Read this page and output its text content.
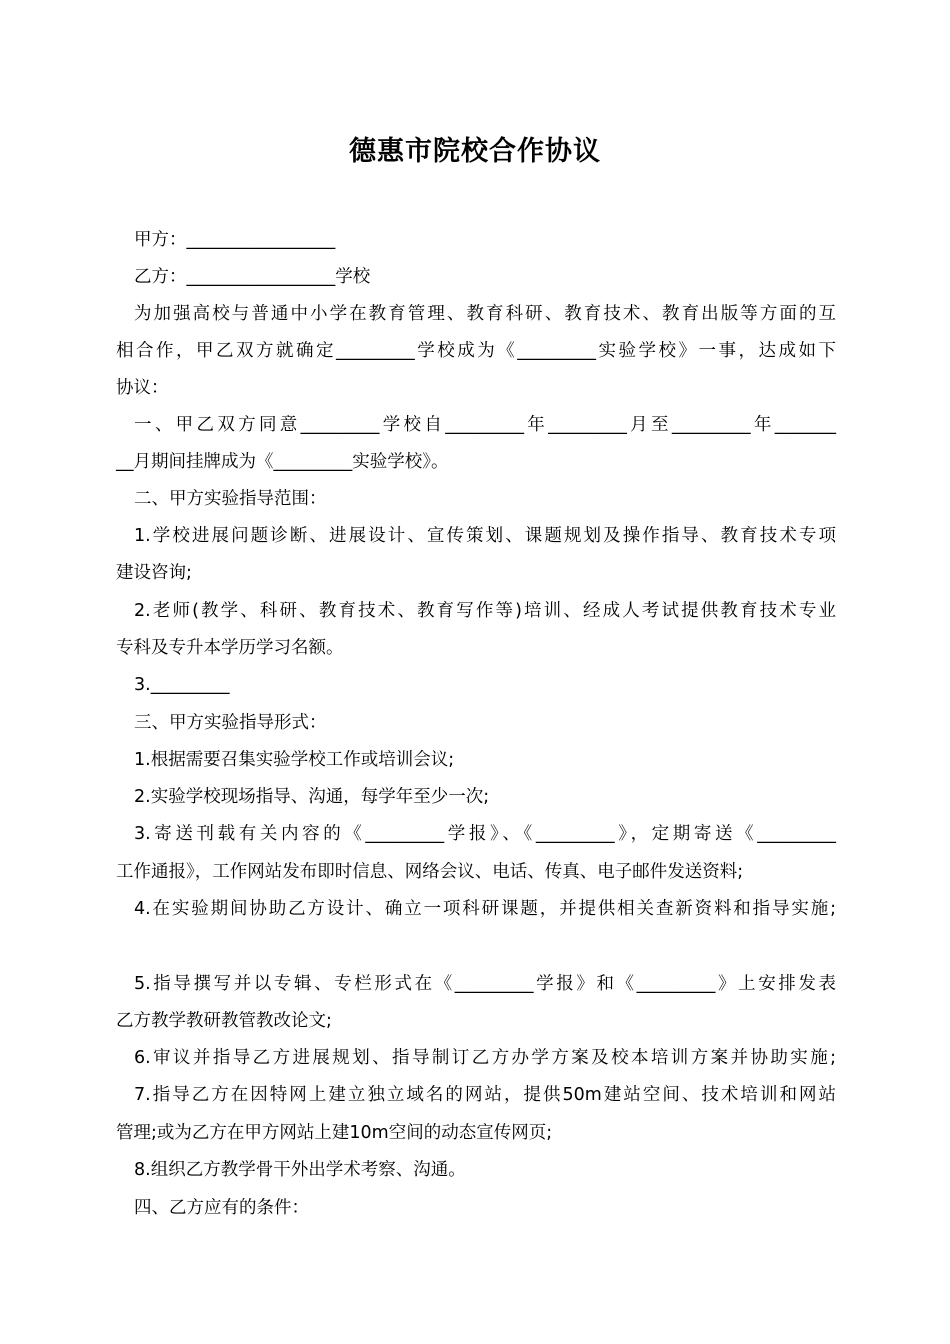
德惠市院校合作协议
甲方：_________________
乙方：_________________学校
为加强高校与普通中小学在教育管理、教育科研、教育技术、教育出版等方面的互
相合作，甲乙双方就确定_________学校成为《_________实验学校》一事，达成如下
协议：
一、甲乙双方同意_________学校自_________年_________月至_________年_______
__月期间挂牌成为《_________实验学校》。
二、甲方实验指导范围：
1.学校进展问题诊断、进展设计、宣传策划、课题规划及操作指导、教育技术专项
建设咨询;
2.老师(教学、科研、教育技术、教育写作等)培训、经成人考试提供教育技术专业
专科及专升本学历学习名额。
3._________
三、甲方实验指导形式：
1.根据需要召集实验学校工作或培训会议;
2.实验学校现场指导、沟通，每学年至少一次;
3.寄送刊载有关内容的《_________学报》、《_________》，定期寄送《_________
工作通报》，工作网站发布即时信息、网络会议、电话、传真、电子邮件发送资料;
4.在实验期间协助乙方设计、确立一项科研课题，并提供相关查新资料和指导实施;
5.指导撰写并以专辑、专栏形式在《_________学报》和《_________》上安排发表
乙方教学教研教管教改论文;
6.审议并指导乙方进展规划、指导制订乙方办学方案及校本培训方案并协助实施;
7.指导乙方在因特网上建立独立域名的网站，提供50m建站空间、技术培训和网站
管理;或为乙方在甲方网站上建10m空间的动态宣传网页;
8.组织乙方教学骨干外出学术考察、沟通。
四、乙方应有的条件：
